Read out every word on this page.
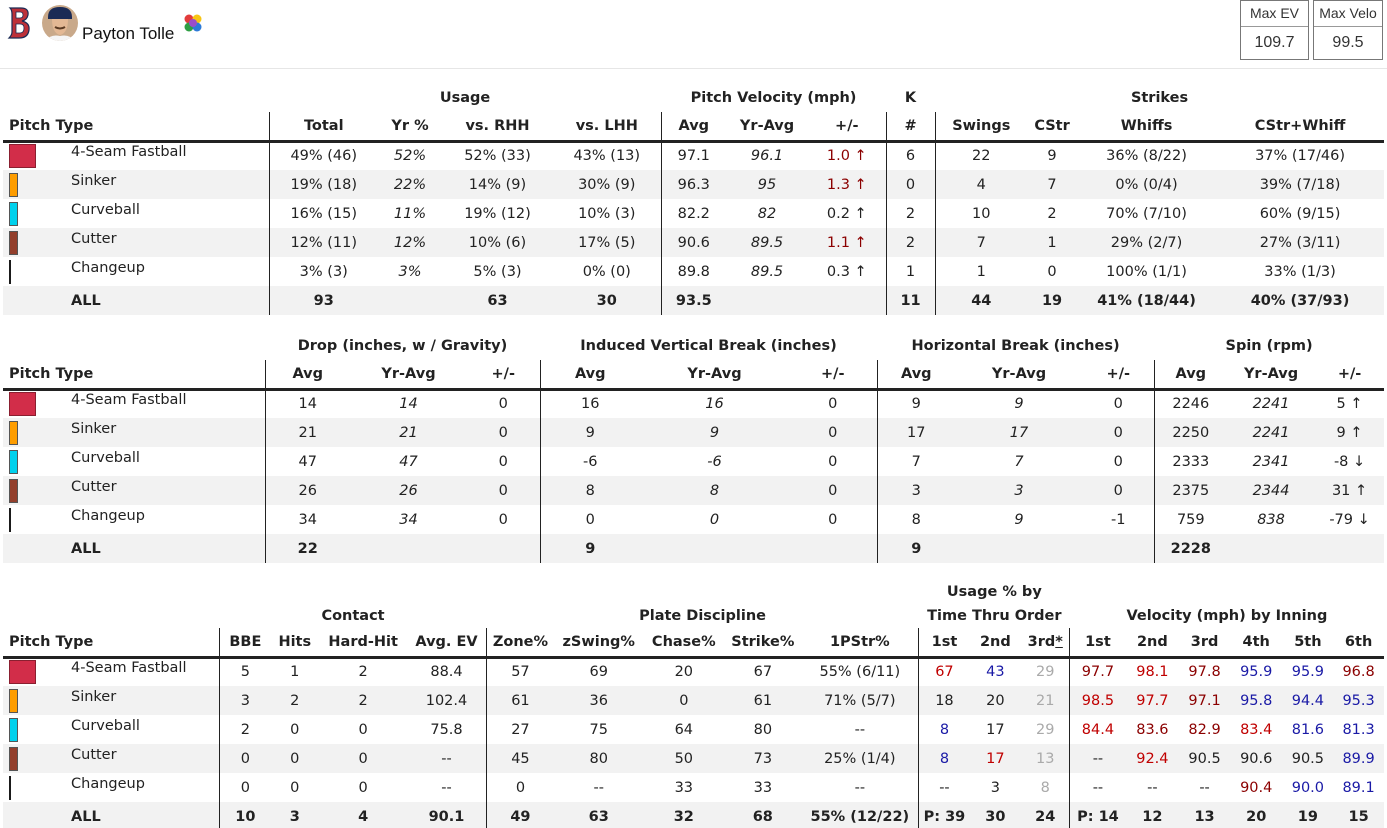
Payton Tolle
Max EV
109.7
Max Velo
99.5
	Usage				Pitch Velocity (mph)			K	Strikes			
Pitch Type	Total	Yr %	vs. RHH	vs. LHH	Avg	Yr-Avg	+/-	#	Swings	CStr	Whiffs	CStr+Whiff

4-Seam Fastball	49% (46)	52%	52% (33)	43% (13)	97.1	96.1	1.0 ↑	6	22	9	36% (8/22)	37% (17/46)

Sinker	19% (18)	22%	14% (9)	30% (9)	96.3	95	1.3 ↑	0	4	7	0% (0/4)	39% (7/18)

Curveball	16% (15)	11%	19% (12)	10% (3)	82.2	82	0.2 ↑	2	10	2	70% (7/10)	60% (9/15)

Cutter	12% (11)	12%	10% (6)	17% (5)	90.6	89.5	1.1 ↑	2	7	1	29% (2/7)	27% (3/11)

Changeup	3% (3)	3%	5% (3)	0% (0)	89.8	89.5	0.3 ↑	1	1	0	100% (1/1)	33% (1/3)
ALL	93		63	30	93.5			11	44	19	41% (18/44)	40% (37/93)
	Drop (inches, w / Gravity)			Induced Vertical Break (inches)			Horizontal Break (inches)			Spin (rpm)		
Pitch Type	Avg	Yr-Avg	+/-	Avg	Yr-Avg	+/-	Avg	Yr-Avg	+/-	Avg	Yr-Avg	+/-

4-Seam Fastball	14	14	0	16	16	0	9	9	0	2246	2241	5 ↑

Sinker	21	21	0	9	9	0	17	17	0	2250	2241	9 ↑

Curveball	47	47	0	-6	-6	0	7	7	0	2333	2341	-8 ↓

Cutter	26	26	0	8	8	0	3	3	0	2375	2344	31 ↑

Changeup	34	34	0	0	0	0	8	9	-1	759	838	-79 ↓
ALL	22			9			9			2228		
										Usage % by								
	Contact				Plate Discipline					Time Thru Order			Velocity (mph) by Inning					
Pitch Type	BBE	Hits	Hard-Hit	Avg. EV	Zone%	zSwing%	Chase%	Strike%	1PStr%	1st	2nd	3rd*	1st	2nd	3rd	4th	5th	6th

4-Seam Fastball	5	1	2	88.4	57	69	20	67	55% (6/11)	67	43	29	97.7	98.1	97.8	95.9	95.9	96.8

Sinker	3	2	2	102.4	61	36	0	61	71% (5/7)	18	20	21	98.5	97.7	97.1	95.8	94.4	95.3

Curveball	2	0	0	75.8	27	75	64	80	--	8	17	29	84.4	83.6	82.9	83.4	81.6	81.3

Cutter	0	0	0	--	45	80	50	73	25% (1/4)	8	17	13	--	92.4	90.5	90.6	90.5	89.9

Changeup	0	0	0	--	0	--	33	33	--	--	3	8	--	--	--	90.4	90.0	89.1
ALL	10	3	4	90.1	49	63	32	68	55% (12/22)	P: 39	30	24	P: 14	12	13	20	19	15
